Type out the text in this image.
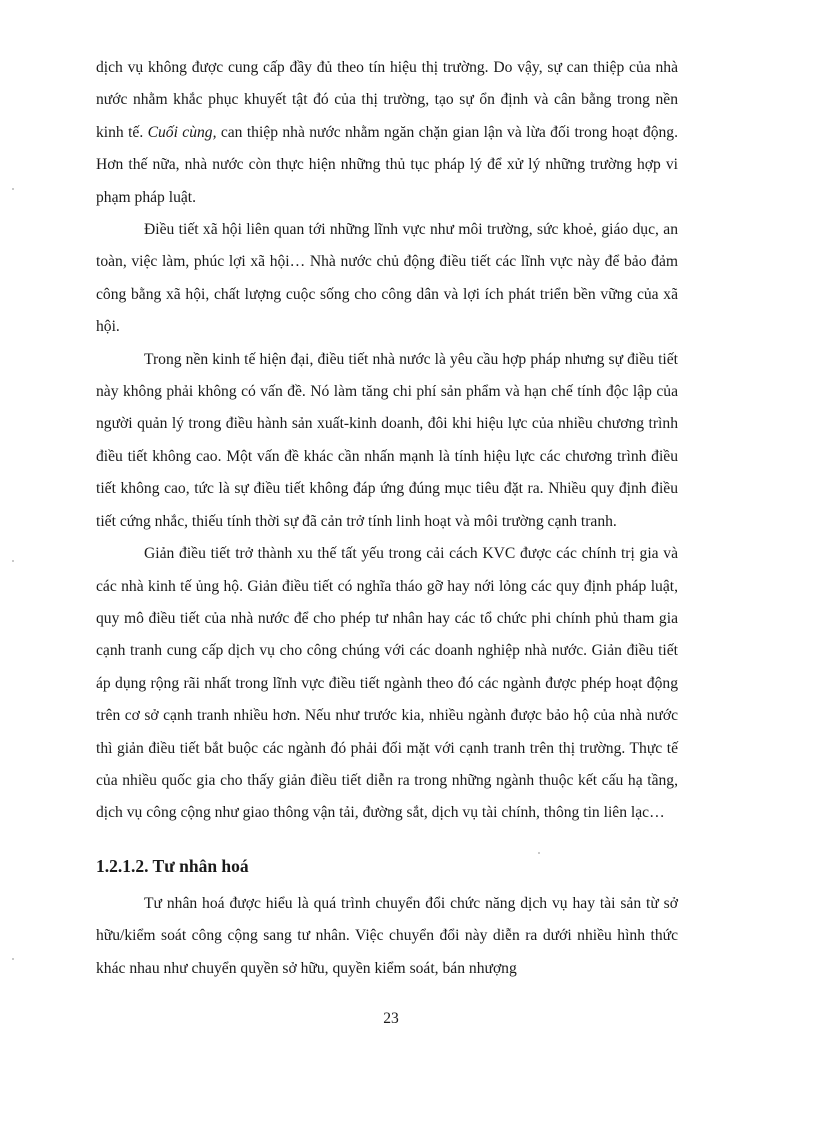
dịch vụ không được cung cấp đầy đủ theo tín hiệu thị trường. Do vậy, sự can thiệp của nhà nước nhằm khắc phục khuyết tật đó của thị trường, tạo sự ổn định và cân bằng trong nền kinh tế. Cuối cùng, can thiệp nhà nước nhằm ngăn chặn gian lận và lừa đối trong hoạt động. Hơn thế nữa, nhà nước còn thực hiện những thủ tục pháp lý để xử lý những trường hợp vi phạm pháp luật.

Điều tiết xã hội liên quan tới những lĩnh vực như môi trường, sức khoẻ, giáo dục, an toàn, việc làm, phúc lợi xã hội… Nhà nước chủ động điều tiết các lĩnh vực này để bảo đảm công bằng xã hội, chất lượng cuộc sống cho công dân và lợi ích phát triển bền vững của xã hội.

Trong nền kinh tế hiện đại, điều tiết nhà nước là yêu cầu hợp pháp nhưng sự điều tiết này không phải không có vấn đề. Nó làm tăng chi phí sản phẩm và hạn chế tính độc lập của người quản lý trong điều hành sản xuất-kinh doanh, đôi khi hiệu lực của nhiều chương trình điều tiết không cao. Một vấn đề khác cần nhấn mạnh là tính hiệu lực các chương trình điều tiết không cao, tức là sự điều tiết không đáp ứng đúng mục tiêu đặt ra. Nhiều quy định điều tiết cứng nhắc, thiếu tính thời sự đã cản trở tính linh hoạt và môi trường cạnh tranh.

Giản điều tiết trở thành xu thế tất yếu trong cải cách KVC được các chính trị gia và các nhà kinh tế ủng hộ. Giản điều tiết có nghĩa tháo gỡ hay nới lỏng các quy định pháp luật, quy mô điều tiết của nhà nước để cho phép tư nhân hay các tổ chức phi chính phủ tham gia cạnh tranh cung cấp dịch vụ cho công chúng với các doanh nghiệp nhà nước. Giản điều tiết áp dụng rộng rãi nhất trong lĩnh vực điều tiết ngành theo đó các ngành được phép hoạt động trên cơ sở cạnh tranh nhiều hơn. Nếu như trước kia, nhiều ngành được bảo hộ của nhà nước thì giản điều tiết bắt buộc các ngành đó phải đối mặt với cạnh tranh trên thị trường. Thực tế của nhiều quốc gia cho thấy giản điều tiết diễn ra trong những ngành thuộc kết cấu hạ tầng, dịch vụ công cộng như giao thông vận tải, đường sắt, dịch vụ tài chính, thông tin liên lạc…

1.2.1.2. Tư nhân hoá

Tư nhân hoá được hiểu là quá trình chuyển đổi chức năng dịch vụ hay tài sản từ sở hữu/kiểm soát công cộng sang tư nhân. Việc chuyển đổi này diễn ra dưới nhiều hình thức khác nhau như chuyển quyền sở hữu, quyền kiểm soát, bán nhượng

23
